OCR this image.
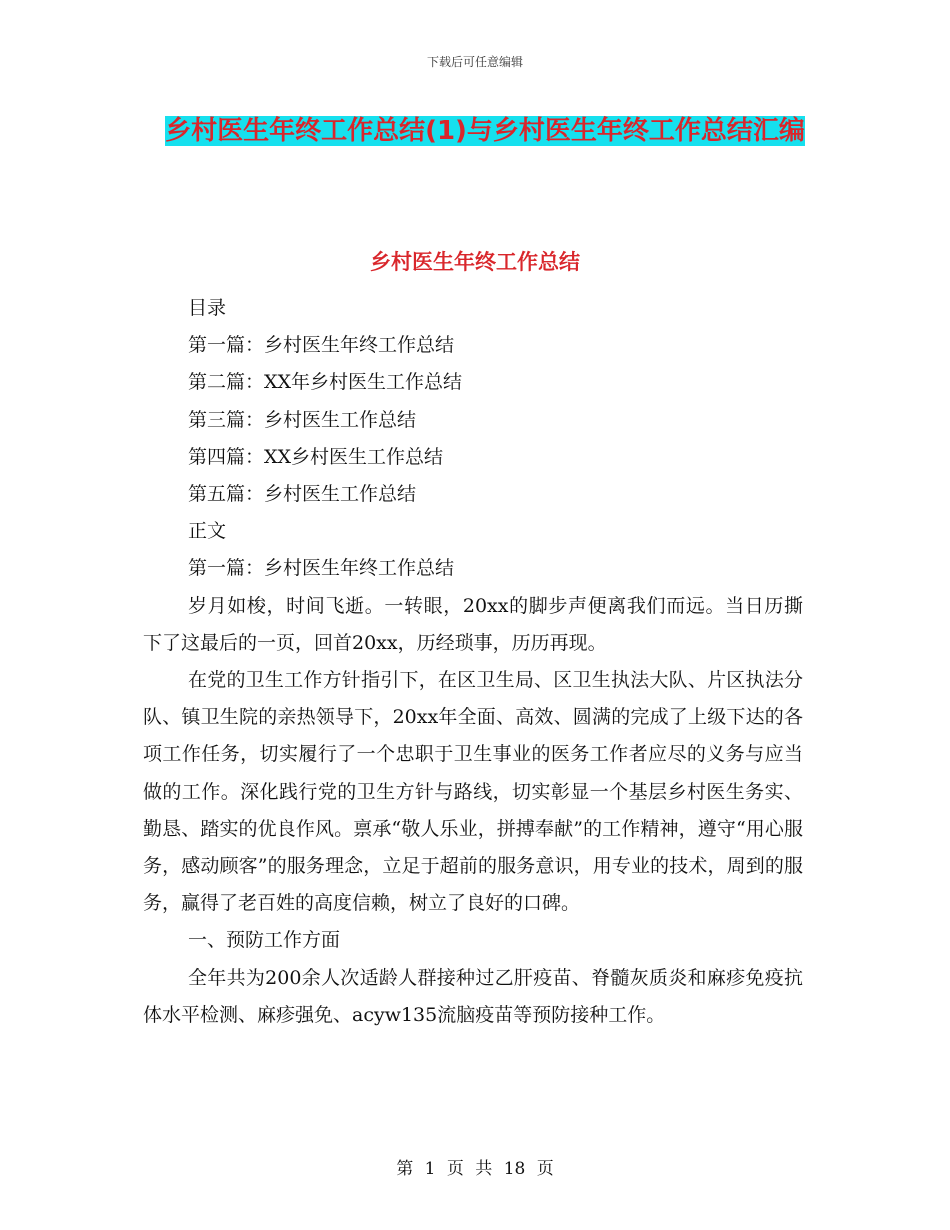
下载后可任意编辑
乡村医生年终工作总结(1)与乡村医生年终工作总结汇编
乡村医生年终工作总结
目录
第一篇：乡村医生年终工作总结
第二篇：XX年乡村医生工作总结
第三篇：乡村医生工作总结
第四篇：XX乡村医生工作总结
第五篇：乡村医生工作总结
正文
第一篇：乡村医生年终工作总结

岁月如梭，时间飞逝。一转眼，20xx的脚步声便离我们而远。当日历撕下了这最后的一页，回首20xx，历经琐事，历历再现。

在党的卫生工作方针指引下，在区卫生局、区卫生执法大队、片区执法分队、镇卫生院的亲热领导下，20xx年全面、高效、圆满的完成了上级下达的各项工作任务，切实履行了一个忠职于卫生事业的医务工作者应尽的义务与应当做的工作。深化践行党的卫生方针与路线，切实彰显一个基层乡村医生务实、勤恳、踏实的优良作风。禀承“敬人乐业，拼搏奉献”的工作精神，遵守“用心服务，感动顾客”的服务理念，立足于超前的服务意识，用专业的技术，周到的服务，赢得了老百姓的高度信赖，树立了良好的口碑。

一、预防工作方面

全年共为200余人次适龄人群接种过乙肝疫苗、脊髓灰质炎和麻疹免疫抗体水平检测、麻疹强免、acyw135流脑疫苗等预防接种工作。

第 1 页 共 18 页
